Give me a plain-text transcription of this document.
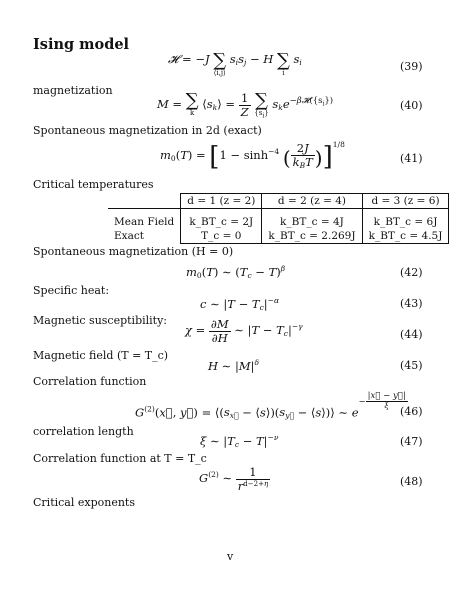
Ising model
𝓗 = −J ∑
⟨i,j⟩
$s_is_j - H$ ∑
i
$s_i$	(39)
magnetization
M = ∑
k
$⟨s_k⟩ = \frac{1}{Z}$
∑
$\{s_i\}$
$s_ke^{-\beta 𝓗(\{s_i\})}$	(40)
Spontaneous magnetization in 2d (exact)
$m_0(T) = [1 - \sinh^{-4}$ ( $\frac{2J}{k_BT} )]^{1/8}$
(41)
Critical temperatures
	d = 1 (z = 2)	d = 2 (z = 4)	d = 3 (z = 6)

Mean Field	k_BT_c = 2J	k_BT_c = 4J	k_BT_c = 6J
Exact	T_c = 0	k_BT_c = 2.269J	k_BT_c = 4.5J
Spontaneous magnetization (H = 0)
$m_0(T)$ ∼ $(T_c - T)^\beta$	(42)
Specific heat:
c ∼ $|T - T_c|^{-\alpha}$	(43)
Magnetic susceptibility:
$\chi = \frac{\partial M}{\partial H}$ ∼ $|T - T_c|^{-\gamma}$
(44)
Magnetic field (T = T_c)
H ∼ $|M|^\delta$	(45)
Correlation function
$G^{(2)}(x⃗$, y⃗) = $⟨(s_{x⃗}$ − $⟨s⟩)(s_{y⃗}$ − ⟨s⟩)⟩ ∼ $e^{- \frac{|x⃗ - y⃗|}{\xi}}$
(46)
correlation length
ξ ∼ $|T_c - T|^{-\nu}$	(47)
Correlation function at T = T_c
$G^{(2)}$ ∼ $\frac{1}{r^{d-2+\eta}}$	(48)
Critical exponents
v
